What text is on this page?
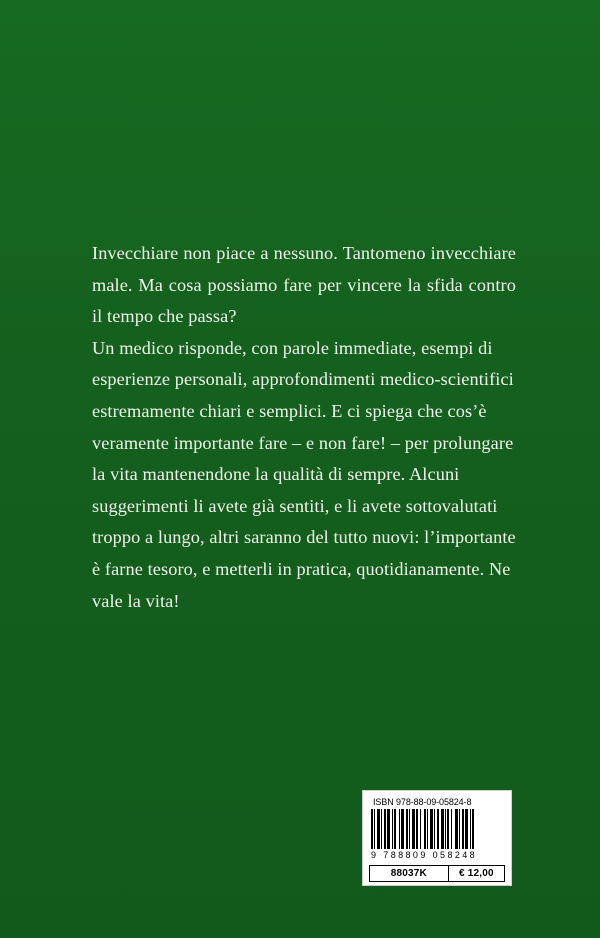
Invecchiare non piace a nessuno. Tantomeno invecchiare male. Ma cosa possiamo fare per vincere la sfida contro il tempo che passa?

Un medico risponde, con parole immediate, esempi di esperienze personali, approfondimenti medico-scientifici estremamente chiari e semplici. E ci spiega che cos’è veramente importante fare – e non fare! – per prolungare la vita mantenendone la qualità di sempre. Alcuni suggerimenti li avete già sentiti, e li avete sottovalutati troppo a lungo, altri saranno del tutto nuovi: l’importante è farne tesoro, e metterli in pratica, quotidianamente. Ne vale la vita!

ISBN 978-88-09-05824-8
9 788809 058248
88037K	€ 12,00
